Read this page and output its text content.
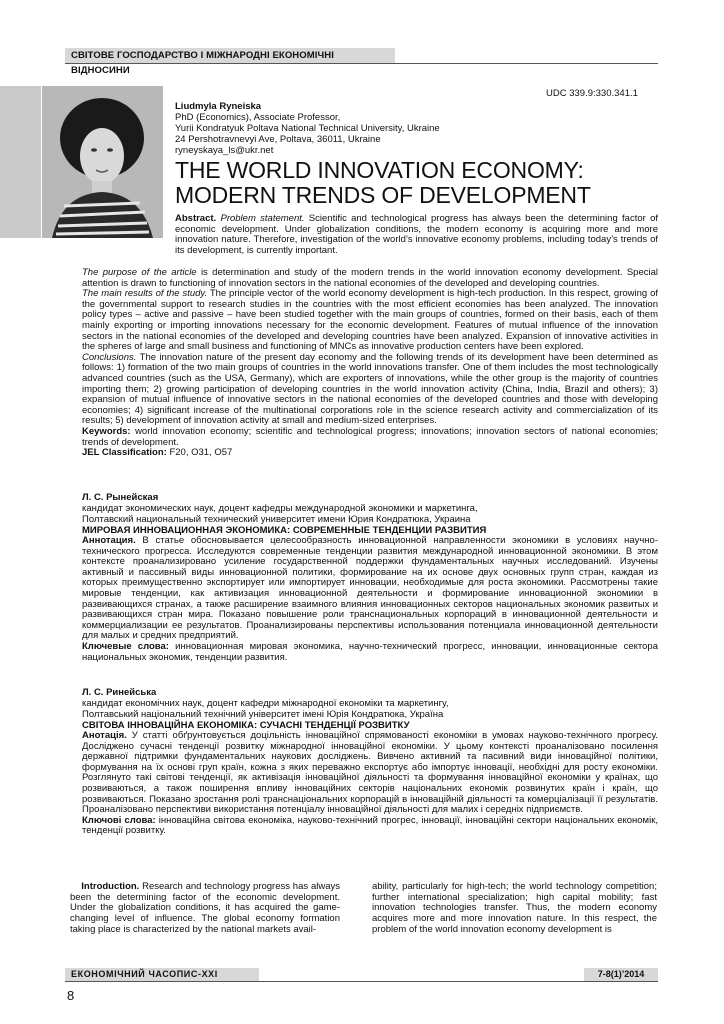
СВІТОВЕ ГОСПОДАРСТВО І МІЖНАРОДНІ ЕКОНОМІЧНІ ВІДНОСИНИ
UDC 339.9:330.341.1
Liudmyla Ryneiska
PhD (Economics), Associate Professor,
Yurii Kondratyuk Poltava National Technical University, Ukraine
24 Pershotravnevyi Ave, Poltava, 36011, Ukraine
ryneyskaya_ls@ukr.net
THE WORLD INNOVATION ECONOMY:
MODERN TRENDS OF DEVELOPMENT

Abstract. Problem statement. Scientific and technological progress has always been the determining factor of economic development. Under globalization conditions, the modern economy is acquiring more and more innovation nature. Therefore, investigation of the world’s innovative economy problems, including today’s trends of its development, is currently important.

The purpose of the article is determination and study of the modern trends in the world innovation economy development. Special attention is drawn to functioning of innovation sectors in the national economies of the developed and developing countries.

The main results of the study. The principle vector of the world economy development is high-tech production. In this respect, growing of the governmental support to research studies in the countries with the most efficient economies has been analyzed. The innovation policy types – active and passive – have been studied together with the main groups of countries, formed on their basis, each of them mainly exporting or importing innovations necessary for the economic development. Features of mutual influence of the innovation sectors in the national economies of the developed and developing countries have been analyzed. Expansion of innovative activities in the spheres of large and small business and functioning of MNCs as innovative production centers have been explored.

Conclusions. The innovation nature of the present day economy and the following trends of its development have been determined as follows: 1) formation of the two main groups of countries in the world innovations transfer. One of them includes the most technologically advanced countries (such as the USA, Germany), which are exporters of innovations, while the other group is the majority of countries importing them; 2) growing participation of developing countries in the world innovation activity (China, India, Brazil and others); 3) expansion of mutual influence of innovative sectors in the national economies of the developed countries and those with developing economies; 4) significant increase of the multinational corporations role in the science research activity and commercialization of its results; 5) development of innovation activity at small and medium-sized enterprises.

Keywords: world innovation economy; scientific and technological progress; innovations; innovation sectors of national economies; trends of development.

JEL Classification: F20, O31, O57

Л. С. Рынейская

кандидат экономических наук, доцент кафедры международной экономики и маркетинга,

Полтавский национальный технический университет имени Юрия Кондратюка, Украина

МИРОВАЯ ИННОВАЦИОННАЯ ЭКОНОМИКА: СОВРЕМЕННЫЕ ТЕНДЕНЦИИ РАЗВИТИЯ

Аннотация. В статье обосновывается целесообразность инновационной направленности экономики в условиях научно-технического прогресса. Исследуются современные тенденции развития международной инновационной экономики. В этом контексте проанализировано усиление государственной поддержки фундаментальных научных исследований. Изучены активный и пассивный виды инновационной политики, формирование на их основе двух основных групп стран, каждая из которых преимущественно экспортирует или импортирует инновации, необходимые для роста экономики. Рассмотрены такие мировые тенденции, как активизация инновационной деятельности и формирование инновационной экономики в развивающихся странах, а также расширение взаимного влияния инновационных секторов национальных экономик развитых и развивающихся стран мира. Показано повышение роли транснациональных корпораций в инновационной деятельности и коммерциализации ее результатов. Проанализированы перспективы использования потенциала инновационной деятельности для малых и средних предприятий.

Ключевые слова: инновационная мировая экономика, научно-технический прогресс, инновации, инновационные сектора национальных экономик, тенденции развития.

Л. С. Ринейська

кандидат економічних наук, доцент кафедри міжнародної економіки та маркетингу,

Полтавський національний технічний університет імені Юрія Кондратюка, Україна

СВІТОВА ІННОВАЦІЙНА ЕКОНОМІКА: СУЧАСНІ ТЕНДЕНЦІЇ РОЗВИТКУ

Анотація. У статті обґрунтовується доцільність інноваційної спрямованості економіки в умовах науково-технічного прогресу. Досліджено сучасні тенденції розвитку міжнародної інноваційної економіки. У цьому контексті проаналізовано посилення державної підтримки фундаментальних наукових досліджень. Вивчено активний та пасивний види інноваційної політики, формування на їх основі груп країн, кожна з яких переважно експортує або імпортує інновації, необхідні для росту економіки. Розглянуто такі світові тенденції, як активізація інноваційної діяльності та формування інноваційної економіки у країнах, що розвиваються, а також поширення впливу інноваційних секторів національних економік розвинутих країн і країн, що розвиваються. Показано зростання ролі транснаціональних корпорацій в інноваційній діяльності та комерціалізації її результатів. Проаналізовано перспективи використання потенціалу інноваційної діяльності для малих і середніх підприємств.

Ключові слова: інноваційна світова економіка, науково-технічний прогрес, інновації, інноваційні сектори національних економік, тенденції розвитку.

Introduction. Research and technology progress has always been the determining factor of the economic development. Under the globalization conditions, it has acquired the game-changing level of influence. The global economy formation taking place is characterized by the national markets avail-

ability, particularly for high-tech; the world technology competition; further international specialization; high capital mobility; fast innovation technologies transfer. Thus, the modern economy acquires more and more innovation nature. In this respect, the problem of the world innovation economy development is

ЕКОНОМІЧНИЙ ЧАСОПИС-XXI	7-8(1)’2014
8
